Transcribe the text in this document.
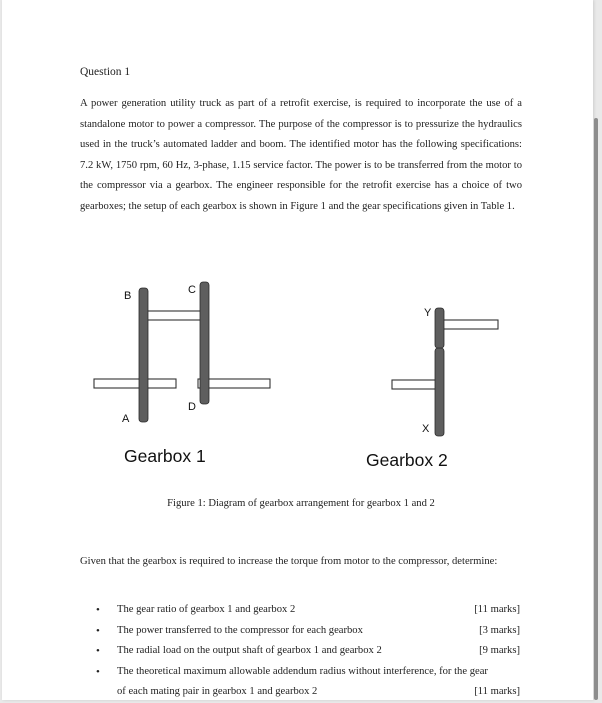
Question 1

A power generation utility truck as part of a retrofit exercise, is required to incorporate the use of a standalone motor to power a compressor. The purpose of the compressor is to pressurize the hydraulics used in the truck’s automated ladder and boom. The identified motor has the following specifications: 7.2 kW, 1750 rpm, 60 Hz, 3-phase, 1.15 service factor. The power is to be transferred from the motor to the compressor via a gearbox. The engineer responsible for the retrofit exercise has a choice of two gearboxes; the setup of each gearbox is shown in Figure 1 and the gear specifications given in Table 1.

A
B	C
D
Gearbox 1
X
Y
Gearbox 2
Figure 1: Diagram of gearbox arrangement for gearbox 1 and 2

Given that the gearbox is required to increase the torque from motor to the compressor, determine:

• The gear ratio of gearbox 1 and gearbox 2	[11 marks]
• The power transferred to the compressor for each gearbox	[3 marks]
• The radial load on the output shaft of gearbox 1 and gearbox 2	[9 marks]
• The theoretical maximum allowable addendum radius without interference, for the gear
of each mating pair in gearbox 1 and gearbox 2	[11 marks]
